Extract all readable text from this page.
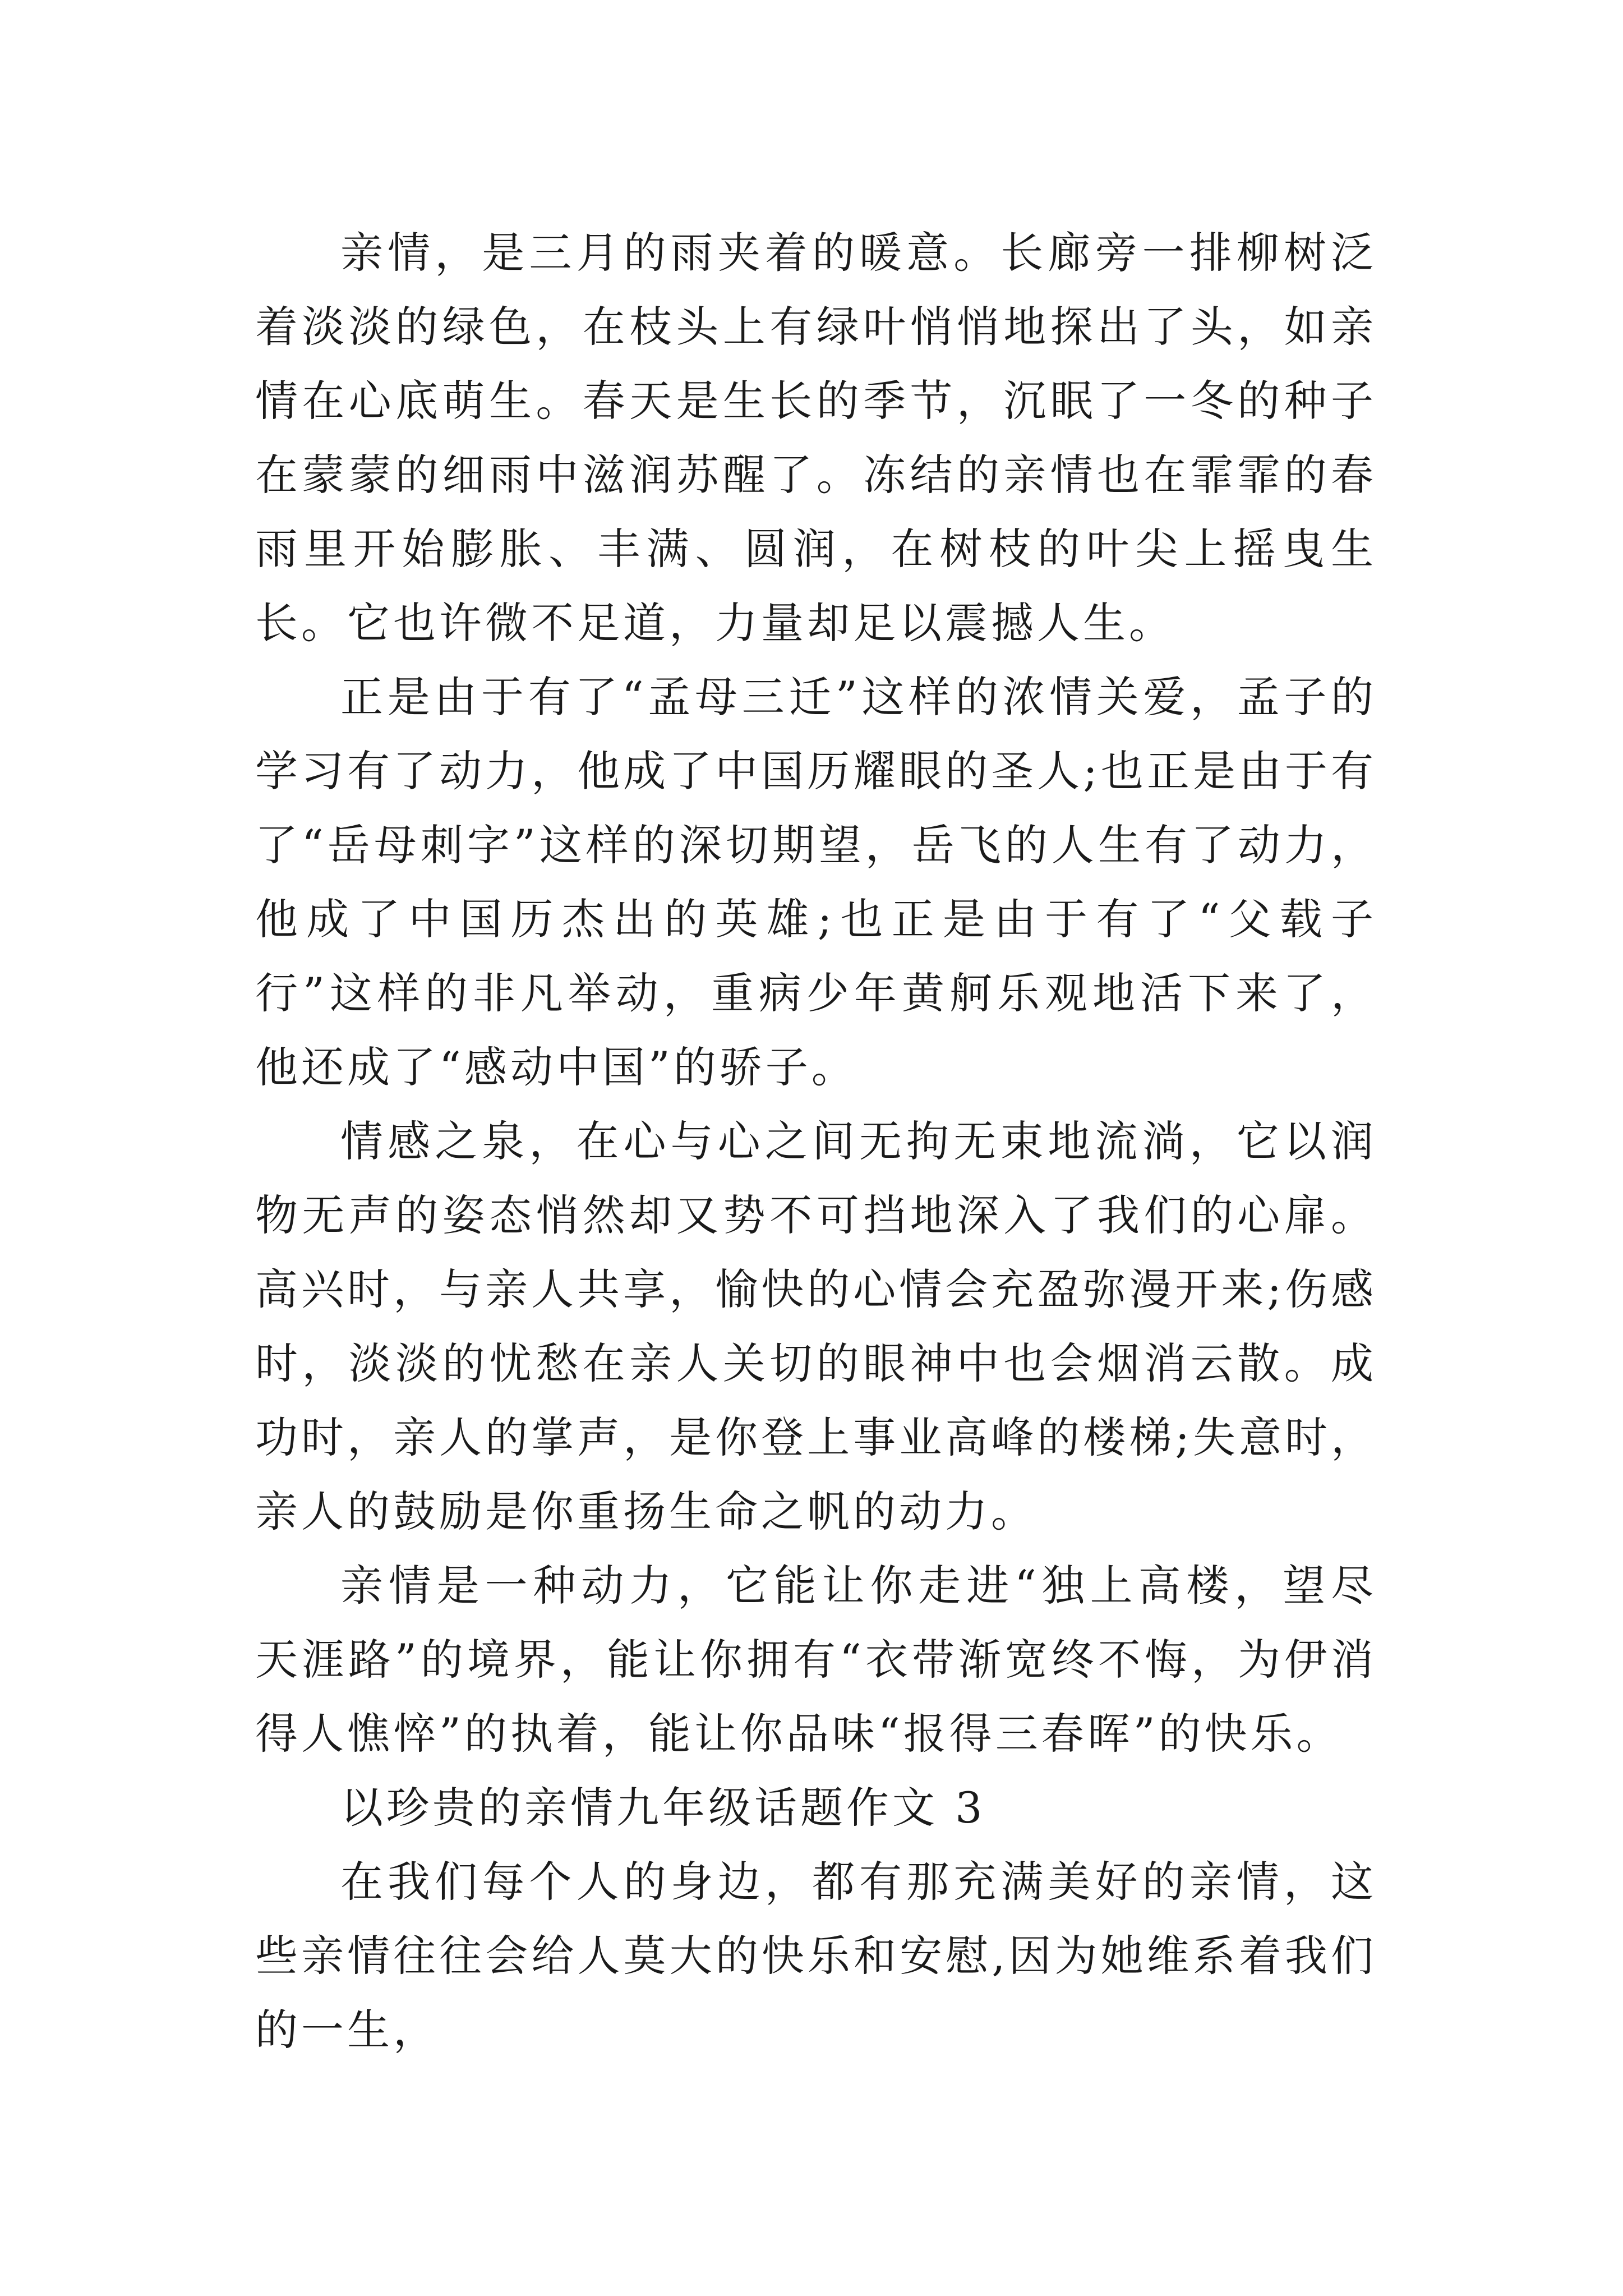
亲情，是三月的雨夹着的暖意。长廊旁一排柳树泛着淡淡的绿色，在枝头上有绿叶悄悄地探出了头，如亲情在心底萌生。春天是生长的季节，沉眠了一冬的种子在蒙蒙的细雨中滋润苏醒了。冻结的亲情也在霏霏的春雨里开始膨胀、丰满、圆润，在树枝的叶尖上摇曳生长。它也许微不足道，力量却足以震撼人生。

正是由于有了“孟母三迁”这样的浓情关爱，孟子的学习有了动力，他成了中国历耀眼的圣人;也正是由于有了“岳母刺字”这样的深切期望，岳飞的人生有了动力，他成了中国历杰出的英雄;也正是由于有了“父载子行”这样的非凡举动，重病少年黄舸乐观地活下来了，他还成了“感动中国”的骄子。

情感之泉，在心与心之间无拘无束地流淌，它以润物无声的姿态悄然却又势不可挡地深入了我们的心扉。高兴时，与亲人共享，愉快的心情会充盈弥漫开来;伤感时，淡淡的忧愁在亲人关切的眼神中也会烟消云散。成功时，亲人的掌声，是你登上事业高峰的楼梯;失意时，亲人的鼓励是你重扬生命之帆的动力。

亲情是一种动力，它能让你走进“独上高楼，望尽天涯路”的境界，能让你拥有“衣带渐宽终不悔，为伊消得人憔悴”的执着，能让你品味“报得三春晖”的快乐。

以珍贵的亲情九年级话题作文 3

在我们每个人的身边，都有那充满美好的亲情，这些亲情往往会给人莫大的快乐和安慰,因为她维系着我们的一生，
